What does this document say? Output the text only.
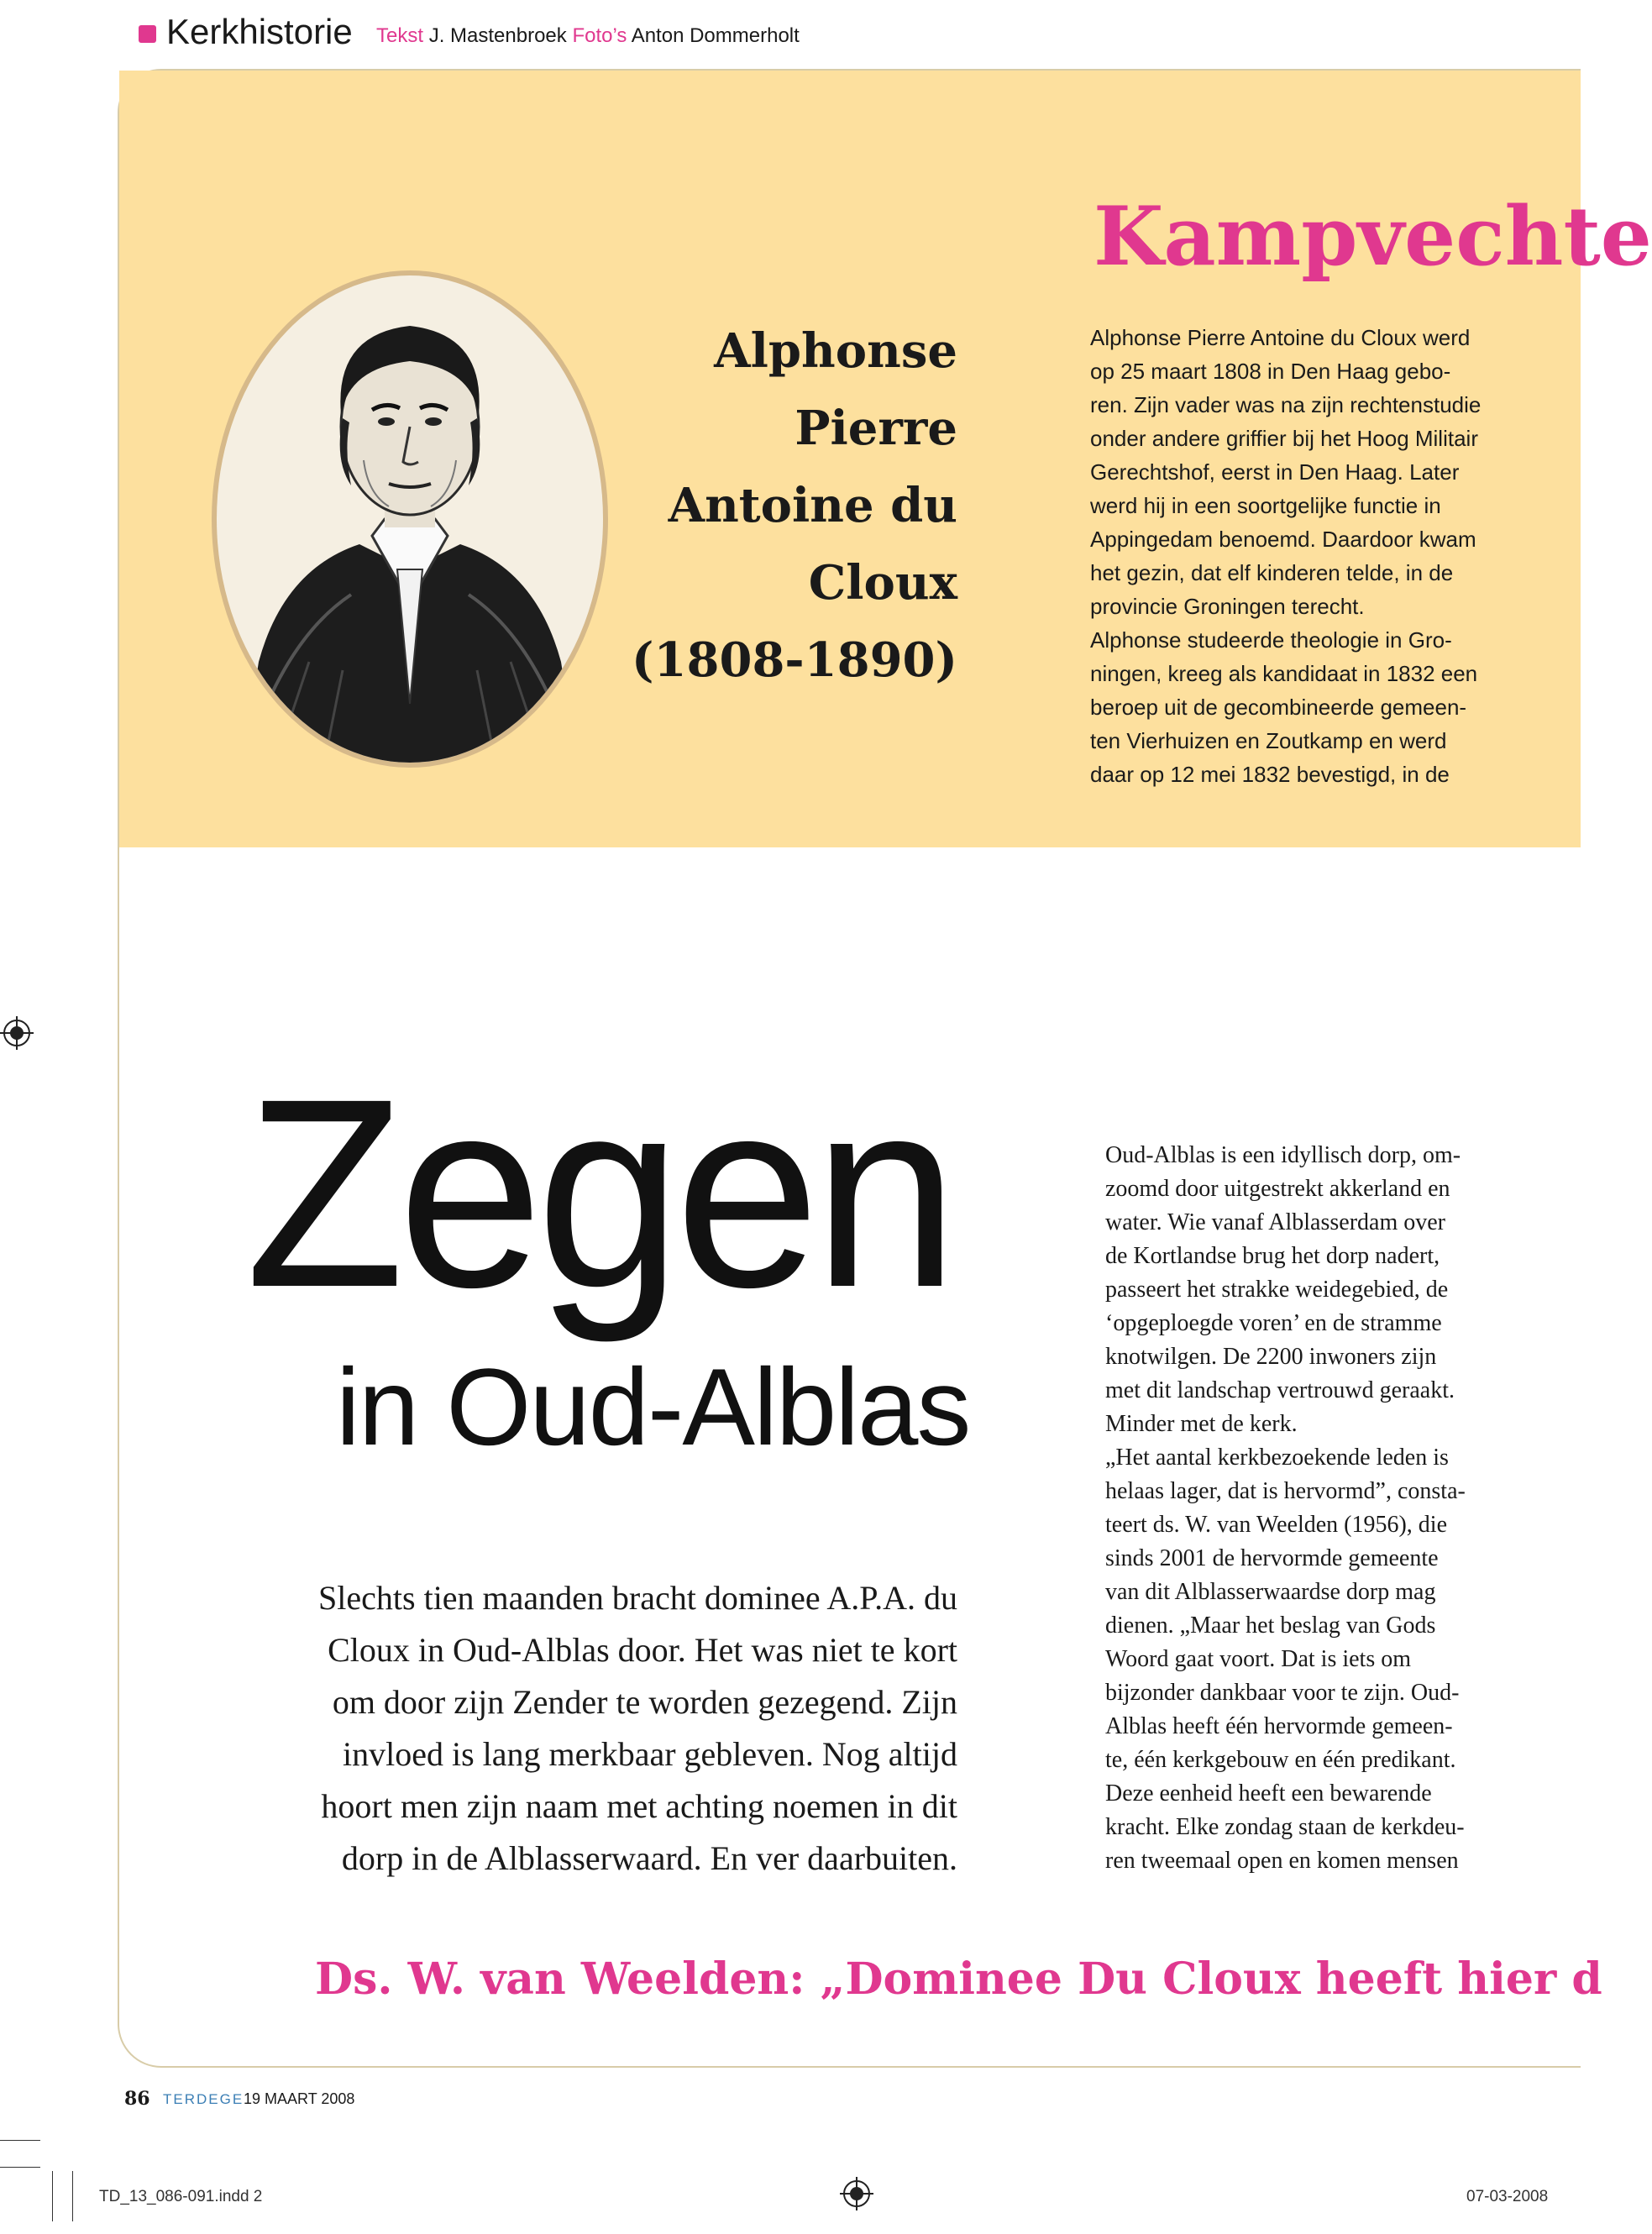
Kerkhistorie Tekst J. Mastenbroek Foto’s Anton Dommerholt
Kampvechte
Alphonse
Pierre
Antoine du
Cloux
(1808-1890)
Alphonse Pierre Antoine du Cloux werd
op 25 maart 1808 in Den Haag gebo-
ren. Zijn vader was na zijn rechtenstudie
onder andere griffier bij het Hoog Militair
Gerechtshof, eerst in Den Haag. Later
werd hij in een soortgelijke functie in
Appingedam benoemd. Daardoor kwam
het gezin, dat elf kinderen telde, in de
provincie Groningen terecht.
Alphonse studeerde theologie in Gro-
ningen, kreeg als kandidaat in 1832 een
beroep uit de gecombineerde gemeen-
ten Vierhuizen en Zoutkamp en werd
daar op 12 mei 1832 bevestigd, in de
Zegen
in Oud-Alblas
Slechts tien maanden bracht dominee A.P.A. du
Cloux in Oud-Alblas door. Het was niet te kort
om door zijn Zender te worden gezegend. Zijn
invloed is lang merkbaar gebleven. Nog altijd
hoort men zijn naam met achting noemen in dit
dorp in de Alblasserwaard. En ver daarbuiten.
Oud-Alblas is een idyllisch dorp, om-
zoomd door uitgestrekt akkerland en
water. Wie vanaf Alblasserdam over
de Kortlandse brug het dorp nadert,
passeert het strakke weidegebied, de
‘opgeploegde voren’ en de stramme
knotwilgen. De 2200 inwoners zijn
met dit landschap vertrouwd geraakt.
Minder met de kerk.
„Het aantal kerkbezoekende leden is
helaas lager, dat is hervormd”, consta-
teert ds. W. van Weelden (1956), die
sinds 2001 de hervormde gemeente
van dit Alblasserwaardse dorp mag
dienen. „Maar het beslag van Gods
Woord gaat voort. Dat is iets om
bijzonder dankbaar voor te zijn. Oud-
Alblas heeft één hervormde gemeen-
te, één kerkgebouw en één predikant.
Deze eenheid heeft een bewarende
kracht. Elke zondag staan de kerkdeu-
ren tweemaal open en komen mensen
Ds. W. van Weelden: „Dominee Du Cloux heeft hier d
86 TERDEGE 19 MAART 2008
TD_13_086-091.indd 2	07-03-2008
